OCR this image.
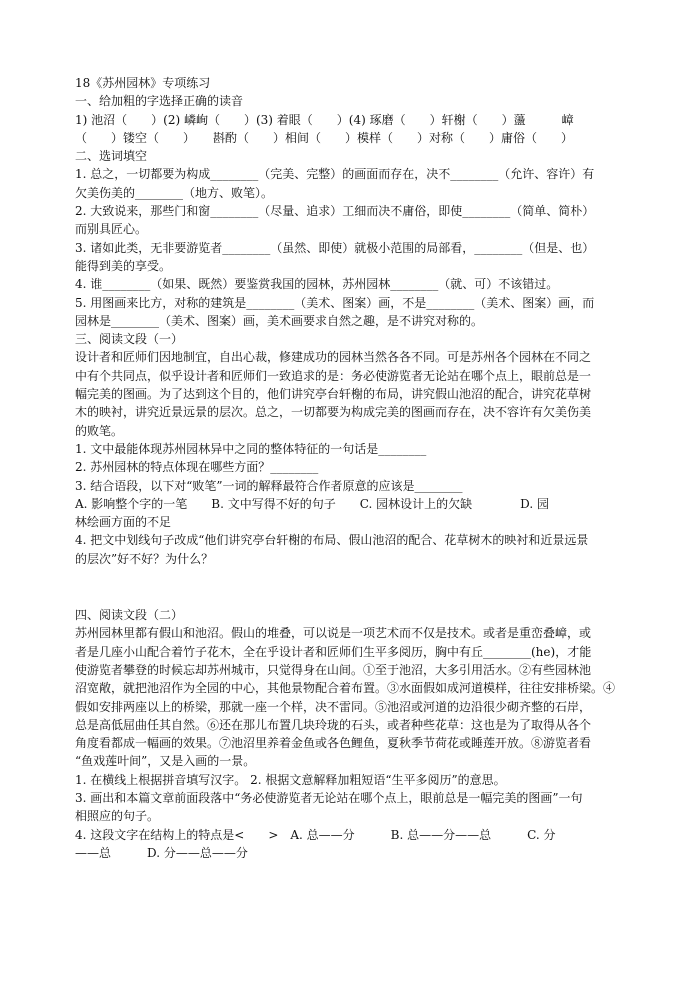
18《苏州园林》专项练习

一、给加粗的字选择正确的读音

1) 池沼（　　）(2) 嶙峋（　　）(3) 着眼（　　）(4) 琢磨（　　）轩榭（　　）蘯　　　嶂

（　　）镂空（　　）　　斟酌（　　）相间（　　）模样（　　）对称（　　）庸俗（　　）

二、选词填空

1. 总之，一切都要为构成________（完美、完整）的画面而存在，决不________（允许、容许）有

欠美伤美的________（地方、败笔）。

2. 大致说来，那些门和窗________（尽量、追求）工细而决不庸俗，即使________（简单、简朴）

而别具匠心。

3. 诸如此类，无非要游览者________（虽然、即使）就极小范围的局部看，________（但是、也）

能得到美的享受。

4. 谁________（如果、既然）要鉴赏我国的园林，苏州园林________（就、可）不该错过。

5. 用图画来比方，对称的建筑是________（美术、图案）画，不是________（美术、图案）画，而

园林是________（美术、图案）画，美术画要求自然之趣，是不讲究对称的。

三、阅读文段（一）

设计者和匠师们因地制宜，自出心裁，修建成功的园林当然各各不同。可是苏州各个园林在不同之

中有个共同点，似乎设计者和匠师们一致追求的是：务必使游览者无论站在哪个点上，眼前总是一

幅完美的图画。为了达到这个目的，他们讲究亭台轩榭的布局，讲究假山池沼的配合，讲究花草树

木的映衬，讲究近景远景的层次。总之，一切都要为构成完美的图画而存在，决不容许有欠美伤美

的败笔。

1. 文中最能体现苏州园林异中之同的整体特征的一句话是________

2. 苏州园林的特点体现在哪些方面？________

3. 结合语段，以下对“败笔”一词的解释最符合作者原意的应该是________

A. 影响整个字的一笔　　B. 文中写得不好的句子　　C. 园林设计上的欠缺　　　　D. 园

林绘画方面的不足

4. 把文中划线句子改成“他们讲究亭台轩榭的布局、假山池沼的配合、花草树木的映衬和近景远景

的层次”好不好？为什么？

四、阅读文段（二）

苏州园林里都有假山和池沼。假山的堆叠，可以说是一项艺术而不仅是技术。或者是重峦叠嶂，或

者是几座小山配合着竹子花木，全在乎设计者和匠师们生平多阅历，胸中有丘________(he)，才能

使游览者攀登的时候忘却苏州城市，只觉得身在山间。①至于池沼，大多引用活水。②有些园林池

沼宽敞，就把池沼作为全园的中心，其他景物配合着布置。③水面假如成河道模样，往往安排桥梁。④

假如安排两座以上的桥梁，那就一座一个样，决不雷同。⑤池沼或河道的边沿很少砌齐整的石岸，

总是高低屈曲任其自然。⑥还在那儿布置几块玲珑的石头，或者种些花草：这也是为了取得从各个

角度看都成一幅画的效果。⑦池沼里养着金鱼或各色鲤鱼，夏秋季节荷花或睡莲开放。⑧游览者看

“鱼戏莲叶间”，又是入画的一景。

1. 在横线上根据拼音填写汉字。 2. 根据文意解释加粗短语“生平多阅历”的意思。

3. 画出和本篇文章前面段落中“务必使游览者无论站在哪个点上，眼前总是一幅完美的图画”一句

相照应的句子。

4. 这段文字在结构上的特点是<　　>　A. 总——分　　　B. 总——分——总　　　C. 分

——总　　　D. 分——总——分
